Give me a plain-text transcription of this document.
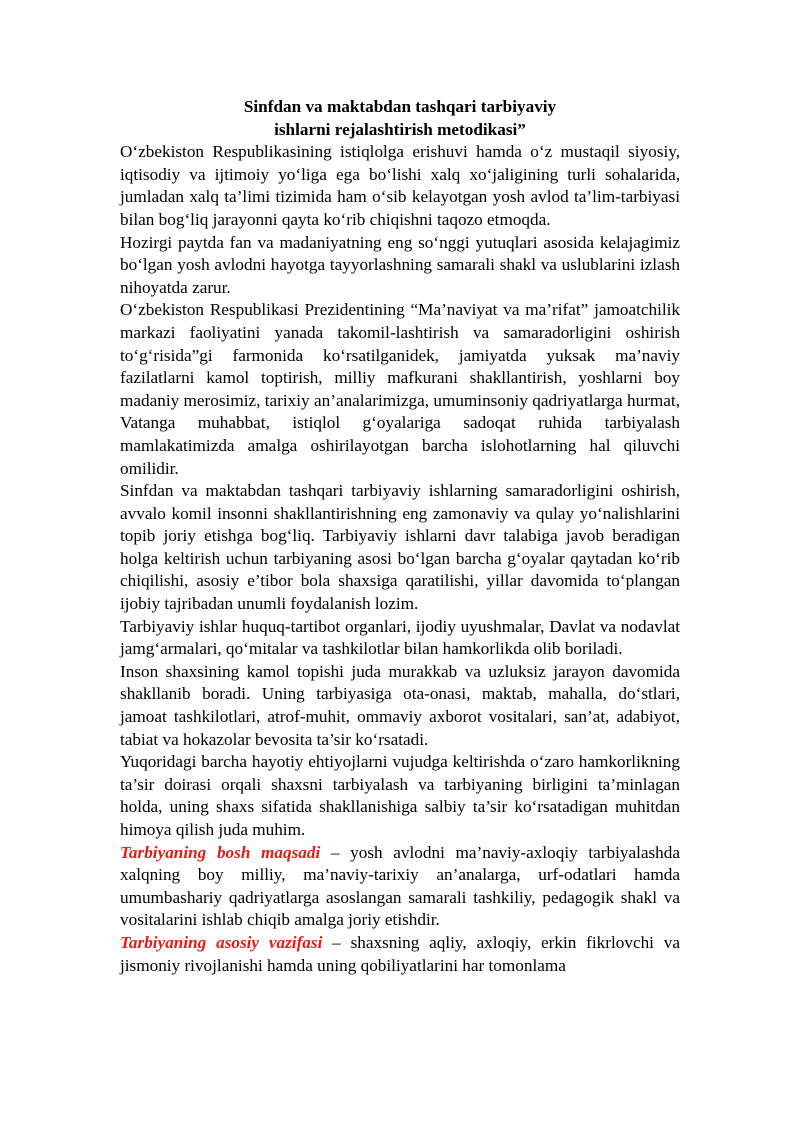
Sinfdan va maktabdan tashqari tarbiyaviy
ishlarni rejalashtirish metodikasi”

O‘zbekiston Respublikasining istiqlolga erishuvi hamda o‘z mustaqil siyosiy, iqtisodiy va ijtimoiy yo‘liga ega bo‘lishi xalq xo‘jaligining turli sohalarida, jumladan xalq ta’limi tizimida ham o‘sib kelayotgan yosh avlod ta’lim-tarbiyasi bilan bog‘liq jarayonni qayta ko‘rib chiqishni taqozo etmoqda.

Hozirgi paytda fan va madaniyatning eng so‘nggi yutuqlari asosida kelajagimiz bo‘lgan yosh avlodni hayotga tayyorlashning samarali shakl va uslublarini izlash nihoyatda zarur.

O‘zbekiston Respublikasi Prezidentining “Ma’naviyat va ma’rifat” jamoatchilik markazi faoliyatini yanada takomil-lashtirish va samaradorligini oshirish to‘g‘risida”gi farmonida ko‘rsatilganidek, jamiyatda yuksak ma’naviy fazilatlarni kamol toptirish, milliy mafkurani shakllantirish, yoshlarni boy madaniy merosimiz, tarixiy an’analarimizga, umuminsoniy qadriyatlarga hurmat, Vatanga muhabbat, istiqlol g‘oyalariga sadoqat ruhida tarbiyalash mamlakatimizda amalga oshirilayotgan barcha islohotlarning hal qiluvchi omilidir.

Sinfdan va maktabdan tashqari tarbiyaviy ishlarning samaradorligini oshirish, avvalo komil insonni shakllantirishning eng zamonaviy va qulay yo‘nalishlarini topib joriy etishga bog‘liq. Tarbiyaviy ishlarni davr talabiga javob beradigan holga keltirish uchun tarbiyaning asosi bo‘lgan barcha g‘oyalar qaytadan ko‘rib chiqilishi, asosiy e’tibor bola shaxsiga qaratilishi, yillar davomida to‘plangan ijobiy tajribadan unumli foydalanish lozim.

Tarbiyaviy ishlar huquq-tartibot organlari, ijodiy uyushmalar, Davlat va nodavlat jamg‘armalari, qo‘mitalar va tashkilotlar bilan hamkorlikda olib boriladi.

Inson shaxsining kamol topishi juda murakkab va uzluksiz jarayon davomida shakllanib boradi. Uning tarbiyasiga ota-onasi, maktab, mahalla, do‘stlari, jamoat tashkilotlari, atrof-muhit, ommaviy axborot vositalari, san’at, adabiyot, tabiat va hokazolar bevosita ta’sir ko‘rsatadi.

Yuqoridagi barcha hayotiy ehtiyojlarni vujudga keltirishda o‘zaro hamkorlikning ta’sir doirasi orqali shaxsni tarbiyalash va tarbiyaning birligini ta’minlagan holda, uning shaxs sifatida shakllanishiga salbiy ta’sir ko‘rsatadigan muhitdan himoya qilish juda muhim.

Tarbiyaning bosh maqsadi – yosh avlodni ma’naviy-axloqiy tarbiyalashda xalqning boy milliy, ma’naviy-tarixiy an’analarga, urf-odatlari hamda umumbashariy qadriyatlarga asoslangan samarali tashkiliy, pedagogik shakl va vositalarini ishlab chiqib amalga joriy etishdir.

Tarbiyaning asosiy vazifasi – shaxsning aqliy, axloqiy, erkin fikrlovchi va jismoniy rivojlanishi hamda uning qobiliyatlarini har tomonlama
